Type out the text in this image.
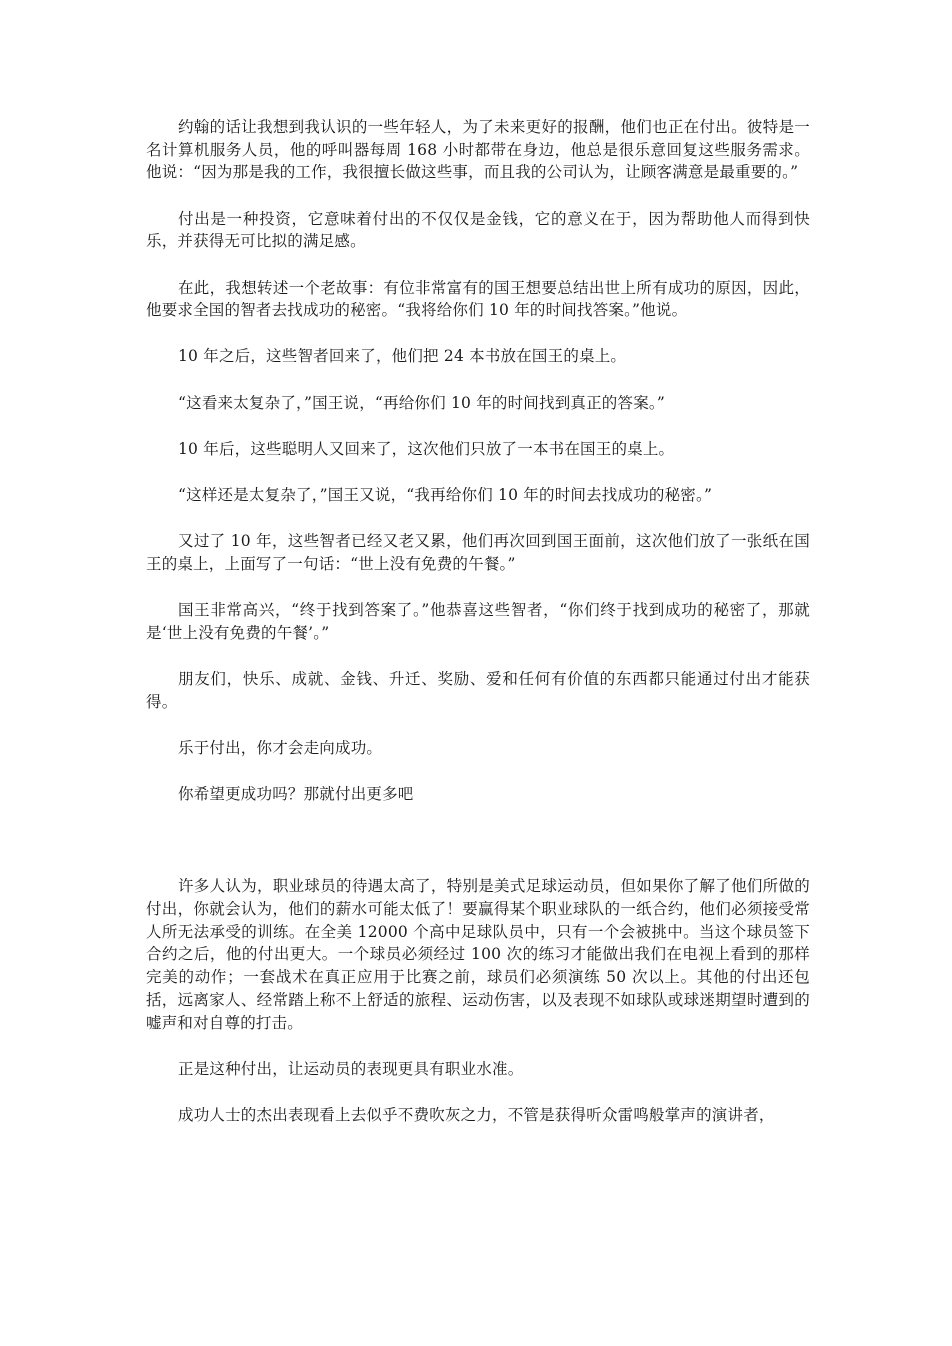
约翰的话让我想到我认识的一些年轻人，为了未来更好的报酬，他们也正在付出。彼特是一名计算机服务人员，他的呼叫器每周 168 小时都带在身边，他总是很乐意回复这些服务需求。他说：“因为那是我的工作，我很擅长做这些事，而且我的公司认为，让顾客满意是最重要的。”

付出是一种投资，它意味着付出的不仅仅是金钱，它的意义在于，因为帮助他人而得到快乐，并获得无可比拟的满足感。

在此，我想转述一个老故事：有位非常富有的国王想要总结出世上所有成功的原因，因此，他要求全国的智者去找成功的秘密。“我将给你们 10 年的时间找答案。”他说。

10 年之后，这些智者回来了，他们把 24 本书放在国王的桌上。

“这看来太复杂了，”国王说，“再给你们 10 年的时间找到真正的答案。”

10 年后，这些聪明人又回来了，这次他们只放了一本书在国王的桌上。

“这样还是太复杂了，”国王又说，“我再给你们 10 年的时间去找成功的秘密。”

又过了 10 年，这些智者已经又老又累，他们再次回到国王面前，这次他们放了一张纸在国王的桌上，上面写了一句话：“世上没有免费的午餐。”

国王非常高兴，“终于找到答案了。”他恭喜这些智者，“你们终于找到成功的秘密了，那就是‘世上没有免费的午餐’。”

朋友们，快乐、成就、金钱、升迁、奖励、爱和任何有价值的东西都只能通过付出才能获得。

乐于付出，你才会走向成功。

你希望更成功吗？那就付出更多吧

许多人认为，职业球员的待遇太高了，特别是美式足球运动员，但如果你了解了他们所做的付出，你就会认为，他们的薪水可能太低了！要赢得某个职业球队的一纸合约，他们必须接受常人所无法承受的训练。在全美 12000 个高中足球队员中，只有一个会被挑中。当这个球员签下合约之后，他的付出更大。一个球员必须经过 100 次的练习才能做出我们在电视上看到的那样完美的动作；一套战术在真正应用于比赛之前，球员们必须演练 50 次以上。其他的付出还包括，远离家人、经常踏上称不上舒适的旅程、运动伤害，以及表现不如球队或球迷期望时遭到的嘘声和对自尊的打击。

正是这种付出，让运动员的表现更具有职业水准。

成功人士的杰出表现看上去似乎不费吹灰之力，不管是获得听众雷鸣般掌声的演讲者，
